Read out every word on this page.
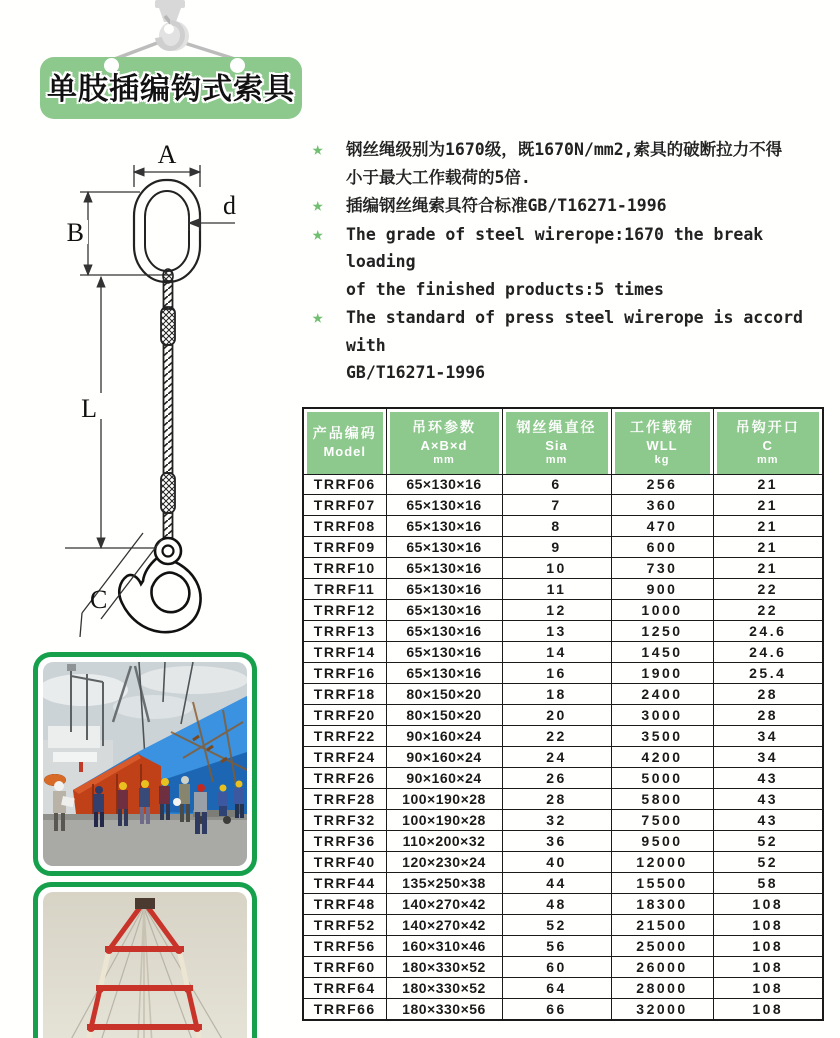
单肢插编钩式索具
A
B
d
L
C
★ 钢丝绳级别为1670级，既1670N/mm2,索具的破断拉力不得
小于最大工作载荷的5倍.
★ 插编钢丝绳索具符合标准GB/T16271-1996
★ The grade of steel wirerope:1670 the break loading
of the finished products:5 times
★ The standard of press steel wirerope is accord with
GB/T16271-1996
产品编码
Model

吊环参数
A×B×d
mm

钢丝绳直径
Sia
mm

工作载荷
WLL
kg

吊钩开口
C
mm

TRRF06	65×130×16	6	256	21
TRRF07	65×130×16	7	360	21
TRRF08	65×130×16	8	470	21
TRRF09	65×130×16	9	600	21
TRRF10	65×130×16	10	730	21
TRRF11	65×130×16	11	900	22
TRRF12	65×130×16	12	1000	22
TRRF13	65×130×16	13	1250	24.6
TRRF14	65×130×16	14	1450	24.6
TRRF16	65×130×16	16	1900	25.4
TRRF18	80×150×20	18	2400	28
TRRF20	80×150×20	20	3000	28
TRRF22	90×160×24	22	3500	34
TRRF24	90×160×24	24	4200	34
TRRF26	90×160×24	26	5000	43
TRRF28	100×190×28	28	5800	43
TRRF32	100×190×28	32	7500	43
TRRF36	110×200×32	36	9500	52
TRRF40	120×230×24	40	12000	52
TRRF44	135×250×38	44	15500	58
TRRF48	140×270×42	48	18300	108
TRRF52	140×270×42	52	21500	108
TRRF56	160×310×46	56	25000	108
TRRF60	180×330×52	60	26000	108
TRRF64	180×330×52	64	28000	108
TRRF66	180×330×56	66	32000	108
